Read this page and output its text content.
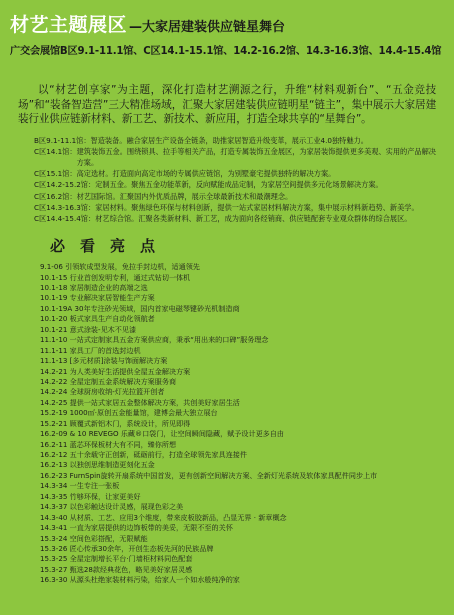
材艺主题展区 —大家居建装供应链星舞台
广交会展馆B区9.1-11.1馆、C区14.1-15.1馆、14.2-16.2馆、14.3-16.3馆、14.4-15.4馆

以“材艺创享家”为主题，深化打造材艺溯源之行，升维“材料观新台”、“五金竞技场”和“装备智造营”三大精准场域，汇聚大家居建装供应链明星“链主”，集中展示大家居建装行业供应链新材料、新工艺、新技术、新应用，打造全球共享的“星舞台”。

B区9.1-11.1馆： 智造装备。融合家居生产设备全链条，助推家居智造升级变革，展示工业4.0独特魅力。
C区14.1馆： 建筑装饰五金。围绕锁具、拉手等相关产品，打造专属装饰五金展区，为家居装饰提供更多美观、实用的产品解决方案。
C区15.1馆： 高定选材。打造面向高定市场的专属供应链馆，为别墅豪宅提供独特的解决方案。
C区14.2-15.2馆： 定制五金。聚焦五金功能革新，反向赋能成品定制，为家居空间提供多元化场景解决方案。
C区16.2馆： 材艺国际馆。汇聚国内外优质品牌，展示全球最新技术和最潮理念。
C区14.3-16.3馆： 家居材料。聚焦绿色环保与材料创新，提供一站式家居材料解决方案，集中展示材料新趋势、新美学。
C区14.4-15.4馆： 材艺综合馆。汇聚各类新材料、新工艺，成为面向各经销商、供应链配套专业观众群体的综合展区。
必 看 亮 点
9.1-06 引领软成型发展，免拉手封边机，适通领先
10.1-15 行业首创发明专利，通过式钻切一体机
10.1-18 家居制造企业的高端之选
10.1-19 专业解决家居智能生产方案
10.1-19A 30年专注砂光领域，国内首家电磁琴键砂光机制造商
10.1-20 板式家具生产自动化领航者
10.1-21 意式涂装-见木不见漆
11.1-10 一站式定制家具五金方案供应商，秉承“用出来的口碑”服务理念
11.1-11 家具工厂的首选封边机
11.1-13 [多元材质]涂装与饰面解决方案
14.2-21 为人类美好生活提供全屋五金解决方案
14.2-22 全屋定制五金系统解决方案服务商
14.2-24 全球厨房收纳-灯光拉篮开创者
14.2-25 提供一站式家居五金整体解决方案，共创美好家居生活
15.2-19 1000㎡·原创五金能量馆，建博会最大独立展台
15.2-21 顾覆式新铝木门，系统设计，所见即得
16.2-09 & 10 REVEGO 乐藏®口袋门，让空间瞬间隐藏，赋予设计更多自由
16.2-11 蓝芯环保板材大有不同，臻你所想
16.2-12 五十余载守正创新，砥砺前行，打造全球领先家具连接件
16.2-13 以独创思维制造更刻化五金
16.2-23 FurnSpin旋转开扇系统中国首发，更有创新空间解决方案、全新灯光系统及软体家具配件同步上市
14.3-34 一生专注一张板
14.3-35 竹够环保，让家更美好
14.3-37 以色彩触达设计灵感，展现色彩之美
14.3-40 从材质、工艺、应用3个维度，带来皮板胶新品，凸显无界 · 新章概念
14.3-41 一直为家居提供的边饰板带的美妥，无限不至的关怀
15.3-24 空间色彩搭配，无限赋能
15.3-26 匠心传承30余年，开创生态板先河的民族品牌
15.3-25 全屋定制增长平台·门墙柜材料同色配套
15.3-27 甄选28款经典花色，略见美好家居灵感
16.3-30 从源头杜绝家装材料污染，给家人一个如水般纯净的家
